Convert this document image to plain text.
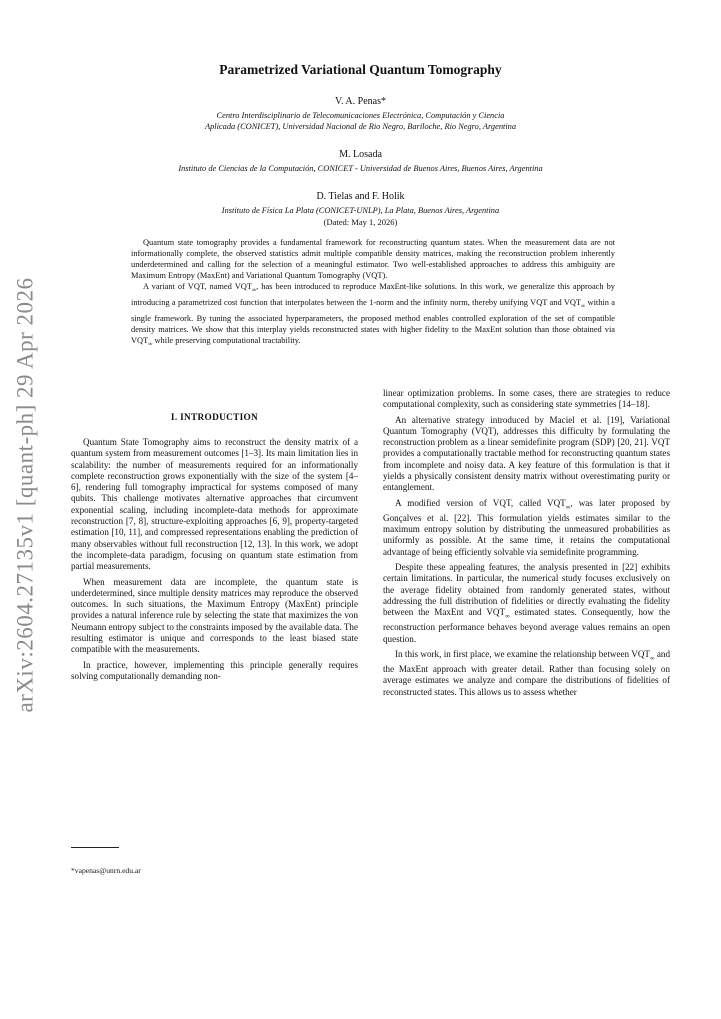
arXiv:2604.27135v1 [quant-ph] 29 Apr 2026
Parametrized Variational Quantum Tomography
V. A. Penas*
Centro Interdisciplinario de Telecomunicaciones Electrónica, Computación y Ciencia
Aplicada (CONICET), Universidad Nacional de Rio Negro, Bariloche, Rio Negro, Argentina
M. Losada
Instituto de Ciencias de la Computación, CONICET - Universidad de Buenos Aires, Buenos Aires, Argentina
D. Tielas and F. Holik
Instituto de Física La Plata (CONICET-UNLP), La Plata, Buenos Aires, Argentina
(Dated: May 1, 2026)

Quantum state tomography provides a fundamental framework for reconstructing quantum states. When the measurement data are not informationally complete, the observed statistics admit multiple compatible density matrices, making the reconstruction problem inherently underdetermined and calling for the selection of a meaningful estimator. Two well-established approaches to address this ambiguity are Maximum Entropy (MaxEnt) and Variational Quantum Tomography (VQT).

A variant of VQT, named $VQT_\infty$, has been introduced to reproduce MaxEnt-like solutions. In this work, we generalize this approach by introducing a parametrized cost function that interpolates between the 1-norm and the infinity norm, thereby unifying VQT and $VQT_\infty$ within a single framework. By tuning the associated hyperparameters, the proposed method enables controlled exploration of the set of compatible density matrices. We show that this interplay yields reconstructed states with higher fidelity to the MaxEnt solution than those obtained via $VQT_\infty$ while preserving computational tractability.

I. INTRODUCTION

Quantum State Tomography aims to reconstruct the density matrix of a quantum system from measurement outcomes [1–3]. Its main limitation lies in scalability: the number of measurements required for an informationally complete reconstruction grows exponentially with the size of the system [4–6], rendering full tomography impractical for systems composed of many qubits. This challenge motivates alternative approaches that circumvent exponential scaling, including incomplete-data methods for approximate reconstruction [7, 8], structure-exploiting approaches [6, 9], property-targeted estimation [10, 11], and compressed representations enabling the prediction of many observables without full reconstruction [12, 13]. In this work, we adopt the incomplete-data paradigm, focusing on quantum state estimation from partial measurements.

When measurement data are incomplete, the quantum state is underdetermined, since multiple density matrices may reproduce the observed outcomes. In such situations, the Maximum Entropy (MaxEnt) principle provides a natural inference rule by selecting the state that maximizes the von Neumann entropy subject to the constraints imposed by the available data. The resulting estimator is unique and corresponds to the least biased state compatible with the measurements.

In practice, however, implementing this principle generally requires solving computationally demanding non-

linear optimization problems. In some cases, there are strategies to reduce computational complexity, such as considering state symmetries [14–18].

An alternative strategy introduced by Maciel et al. [19], Variational Quantum Tomography (VQT), addresses this difficulty by formulating the reconstruction problem as a linear semidefinite program (SDP) [20, 21]. VQT provides a computationally tractable method for reconstructing quantum states from incomplete and noisy data. A key feature of this formulation is that it yields a physically consistent density matrix without overestimating purity or entanglement.

A modified version of VQT, called $VQT_\infty$, was later proposed by Gonçalves et al. [22]. This formulation yields estimates similar to the maximum entropy solution by distributing the unmeasured probabilities as uniformly as possible. At the same time, it retains the computational advantage of being efficiently solvable via semidefinite programming.

Despite these appealing features, the analysis presented in [22] exhibits certain limitations. In particular, the numerical study focuses exclusively on the average fidelity obtained from randomly generated states, without addressing the full distribution of fidelities or directly evaluating the fidelity between the MaxEnt and $VQT_\infty$ estimated states. Consequently, how the reconstruction performance behaves beyond average values remains an open question.

In this work, in first place, we examine the relationship between $VQT_\infty$ and the MaxEnt approach with greater detail. Rather than focusing solely on average estimates we analyze and compare the distributions of fidelities of reconstructed states. This allows us to assess whether

*vapenas@unrn.edu.ar
